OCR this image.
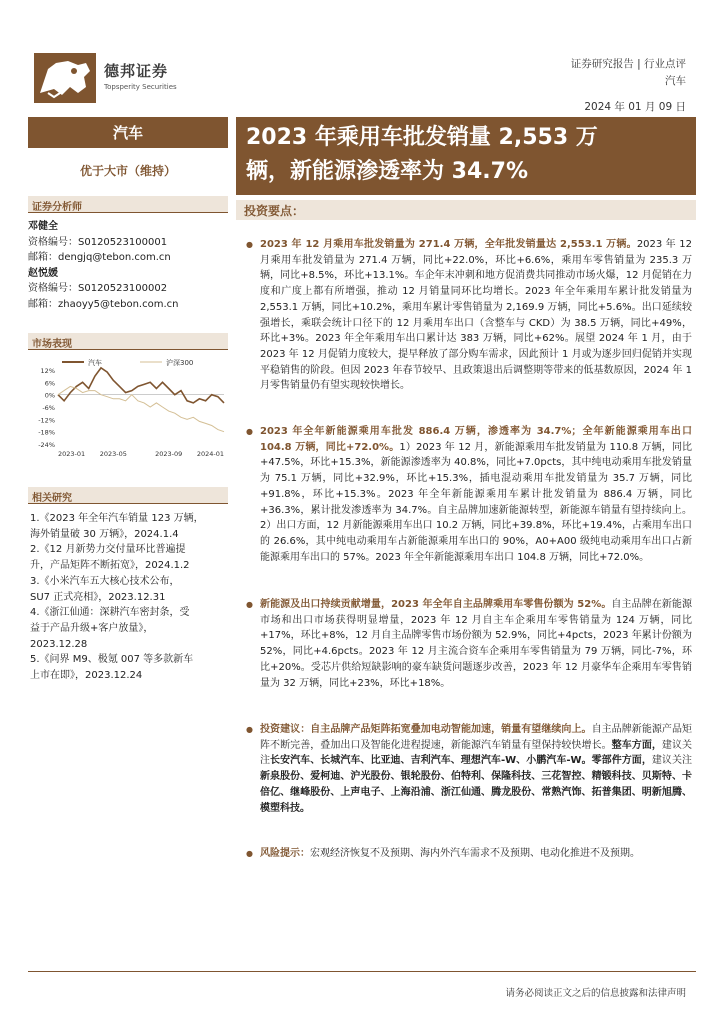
德邦证券
Topsperity Securities
证券研究报告 | 行业点评
汽车
2024 年 01 月 09 日
汽车
优于大市（维持）
证券分析师
邓健全
资格编号：S0120523100001
邮箱：dengjq@tebon.com.cn
赵悦媛
资格编号：S0120523100002
邮箱：zhaoyy5@tebon.com.cn
市场表现
12%
6%
0%
-6%
-12%
-18%
-24%
2023-01 2023-05	2023-09 2024-01
汽车	沪深300
相关研究
1.《2023 年全年汽车销量 123 万辆，
海外销量破 30 万辆》，2024.1.4
2.《12 月新势力交付量环比普遍提
升，产品矩阵不断拓宽》，2024.1.2
3.《小米汽车五大核心技术公布，
SU7 正式亮相》，2023.12.31
4.《浙江仙通：深耕汽车密封条，受
益于产品升级+客户放量》，
2023.12.28
5.《问界 M9、极氪 007 等多款新车
上市在即》，2023.12.24
2023 年乘用车批发销量 2,553 万
辆，新能源渗透率为 34.7%
投资要点：

● 2023 年 12 月乘用车批发销量为 271.4 万辆，全年批发销量达 2,553.1 万辆。2023 年 12 月乘用车批发销量为 271.4 万辆，同比+22.0%，环比+6.6%，乘用车零售销量为 235.3 万辆，同比+8.5%，环比+13.1%。车企年末冲刺和地方促消费共同推动市场火爆，12 月促销在力度和广度上都有所增强，推动 12 月销量同环比均增长。2023 年全年乘用车累计批发销量为 2,553.1 万辆，同比+10.2%，乘用车累计零售销量为 2,169.9 万辆，同比+5.6%。出口延续较强增长，乘联会统计口径下的 12 月乘用车出口（含整车与 CKD）为 38.5 万辆，同比+49%，环比+3%。2023 年全年乘用车出口累计达 383 万辆，同比+62%。展望 2024 年 1 月，由于 2023 年 12 月促销力度较大，提早释放了部分购车需求，因此预计 1 月或为逐步回归促销并实现平稳销售的阶段。但因 2023 年春节较早、且政策退出后调整期等带来的低基数原因，2024 年 1 月零售销量仍有望实现较快增长。

● 2023 年全年新能源乘用车批发 886.4 万辆，渗透率为 34.7%；全年新能源乘用车出口 104.8 万辆，同比+72.0%。1）2023 年 12 月，新能源乘用车批发销量为 110.8 万辆，同比+47.5%，环比+15.3%，新能源渗透率为 40.8%，同比+7.0pcts，其中纯电动乘用车批发销量为 75.1 万辆，同比+32.9%，环比+15.3%，插电混动乘用车批发销量为 35.7 万辆，同比+91.8%，环比+15.3%。2023 年全年新能源乘用车累计批发销量为 886.4 万辆，同比+36.3%，累计批发渗透率为 34.7%。自主品牌加速新能源转型，新能源车销量有望持续向上。2）出口方面，12 月新能源乘用车出口 10.2 万辆，同比+39.8%，环比+19.4%，占乘用车出口的 26.6%，其中纯电动乘用车占新能源乘用车出口的 90%，A0+A00 级纯电动乘用车出口占新能源乘用车出口的 57%。2023 年全年新能源乘用车出口 104.8 万辆，同比+72.0%。

● 新能源及出口持续贡献增量，2023 年全年自主品牌乘用车零售份额为 52%。自主品牌在新能源市场和出口市场获得明显增量，2023 年 12 月自主车企乘用车零售销量为 124 万辆，同比+17%，环比+8%，12 月自主品牌零售市场份额为 52.9%，同比+4pcts，2023 年累计份额为 52%，同比+4.6pcts。2023 年 12 月主流合资车企乘用车零售销量为 79 万辆，同比-7%，环比+20%。受芯片供给短缺影响的豪车缺货问题逐步改善，2023 年 12 月豪华车企乘用车零售销量为 32 万辆，同比+23%，环比+18%。

● 投资建议：自主品牌产品矩阵拓宽叠加电动智能加速，销量有望继续向上。自主品牌新能源产品矩阵不断完善，叠加出口及智能化进程提速，新能源汽车销量有望保持较快增长。整车方面，建议关注长安汽车、长城汽车、比亚迪、吉利汽车、理想汽车-W、小鹏汽车-W。零部件方面，建议关注新泉股份、爱柯迪、沪光股份、银轮股份、伯特利、保隆科技、三花智控、精锻科技、贝斯特、卡倍亿、继峰股份、上声电子、上海沿浦、浙江仙通、腾龙股份、常熟汽饰、拓普集团、明新旭腾、模塑科技。

● 风险提示：宏观经济恢复不及预期、海内外汽车需求不及预期、电动化推进不及预期。

请务必阅读正文之后的信息披露和法律声明
